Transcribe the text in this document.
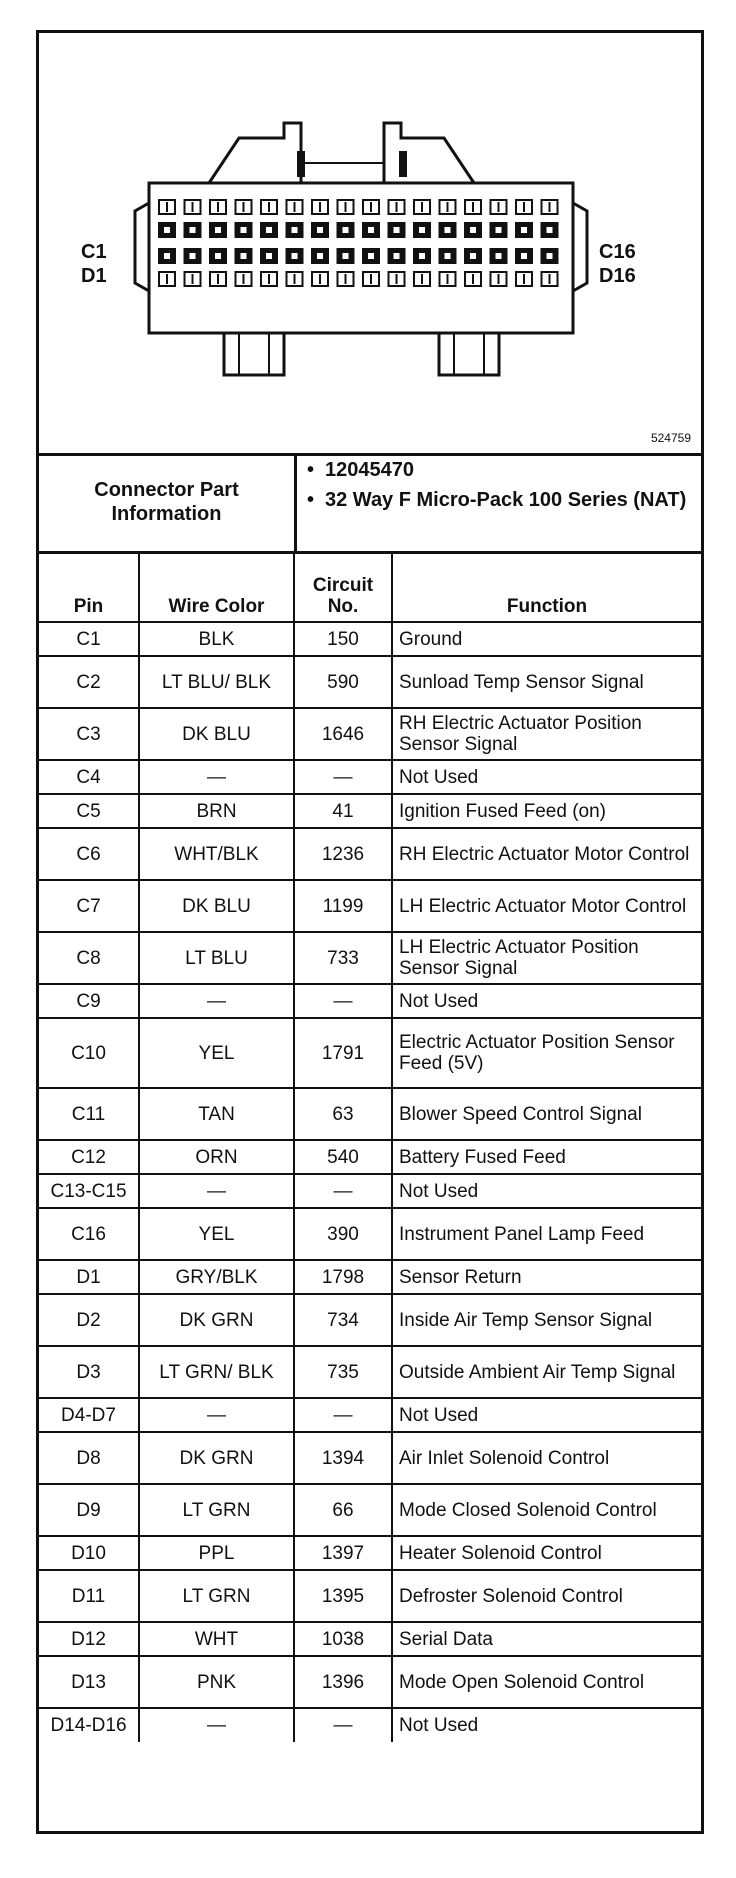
C1
D1
C16
D16
524759
Connector Part Information
• 12045470
• 32 Way F Micro-Pack 100 Series (NAT)
Pin	Wire Color	Circuit No.	Function
C1	BLK	150	Ground
C2	LT BLU/ BLK	590	Sunload Temp Sensor Signal
C3	DK BLU	1646	RH Electric Actuator Position Sensor Signal
C4	—	—	Not Used
C5	BRN	41	Ignition Fused Feed (on)
C6	WHT/BLK	1236	RH Electric Actuator Motor Control
C7	DK BLU	1199	LH Electric Actuator Motor Control
C8	LT BLU	733	LH Electric Actuator Position Sensor Signal
C9	—	—	Not Used
C10	YEL	1791	Electric Actuator Position Sensor Feed (5V)
C11	TAN	63	Blower Speed Control Signal
C12	ORN	540	Battery Fused Feed
C13-C15	—	—	Not Used
C16	YEL	390	Instrument Panel Lamp Feed
D1	GRY/BLK	1798	Sensor Return
D2	DK GRN	734	Inside Air Temp Sensor Signal
D3	LT GRN/ BLK	735	Outside Ambient Air Temp Signal
D4-D7	—	—	Not Used
D8	DK GRN	1394	Air Inlet Solenoid Control
D9	LT GRN	66	Mode Closed Solenoid Control
D10	PPL	1397	Heater Solenoid Control
D11	LT GRN	1395	Defroster Solenoid Control
D12	WHT	1038	Serial Data
D13	PNK	1396	Mode Open Solenoid Control
D14-D16	—	—	Not Used
